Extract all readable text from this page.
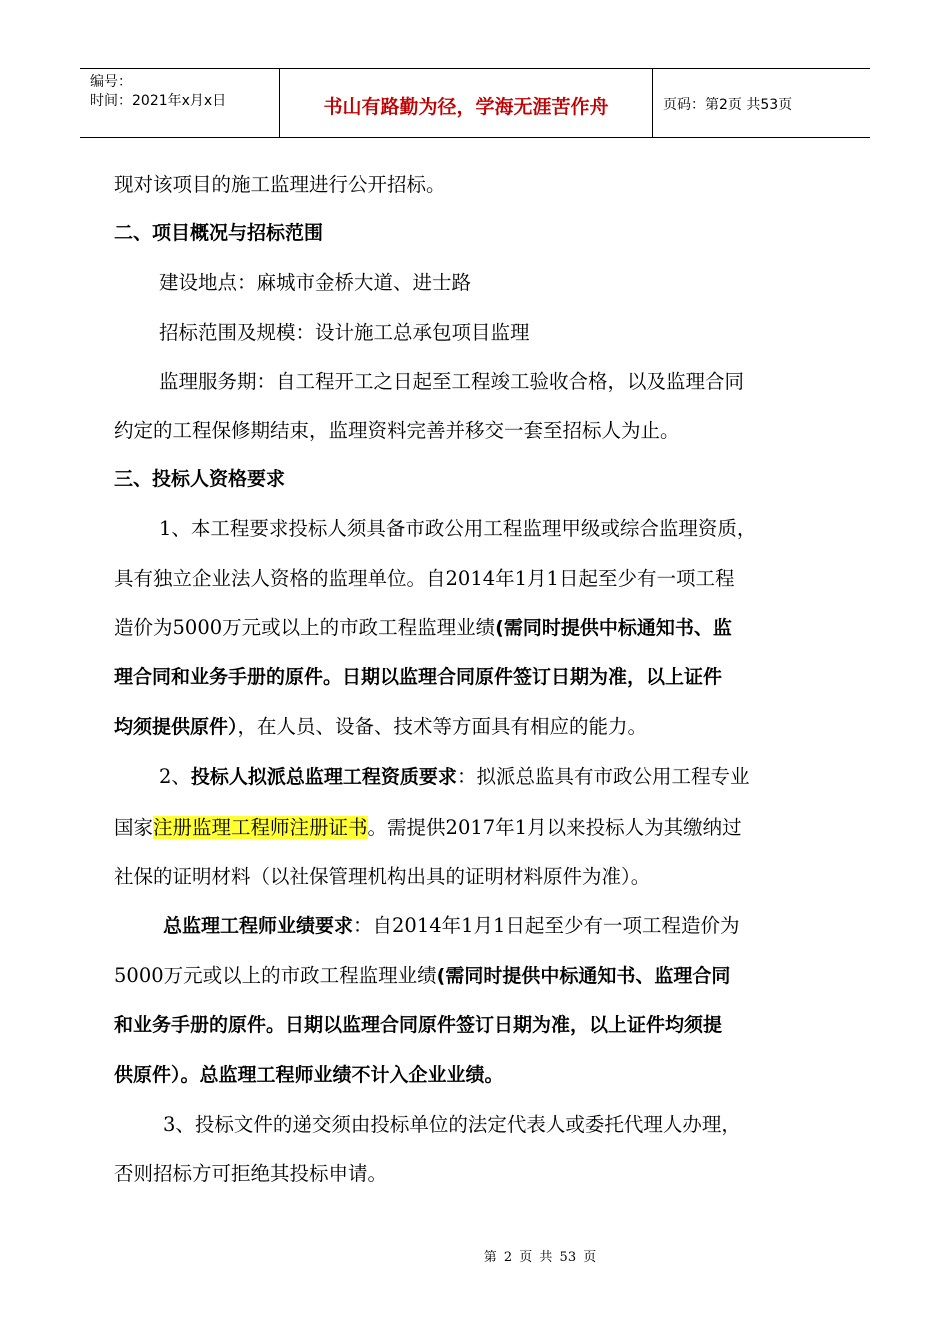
编号：
时间：2021年x月x日	书山有路勤为径，学海无涯苦作舟	页码：第2页 共53页

现对该项目的施工监理进行公开招标。

二、项目概况与招标范围

建设地点：麻城市金桥大道、进士路

招标范围及规模：设计施工总承包项目监理

监理服务期：自工程开工之日起至工程竣工验收合格，以及监理合同

约定的工程保修期结束，监理资料完善并移交一套至招标人为止。

三、投标人资格要求

1、本工程要求投标人须具备市政公用工程监理甲级或综合监理资质，

具有独立企业法人资格的监理单位。自2014年1月1日起至少有一项工程

造价为5000万元或以上的市政工程监理业绩(需同时提供中标通知书、监

理合同和业务手册的原件。日期以监理合同原件签订日期为准，以上证件

均须提供原件），在人员、设备、技术等方面具有相应的能力。

2、投标人拟派总监理工程资质要求：拟派总监具有市政公用工程专业

国家注册监理工程师注册证书。需提供2017年1月以来投标人为其缴纳过

社保的证明材料（以社保管理机构出具的证明材料原件为准）。

总监理工程师业绩要求：自2014年1月1日起至少有一项工程造价为

5000万元或以上的市政工程监理业绩(需同时提供中标通知书、监理合同

和业务手册的原件。日期以监理合同原件签订日期为准，以上证件均须提

供原件）。总监理工程师业绩不计入企业业绩。

3、投标文件的递交须由投标单位的法定代表人或委托代理人办理，

否则招标方可拒绝其投标申请。

第 2 页 共 53 页
